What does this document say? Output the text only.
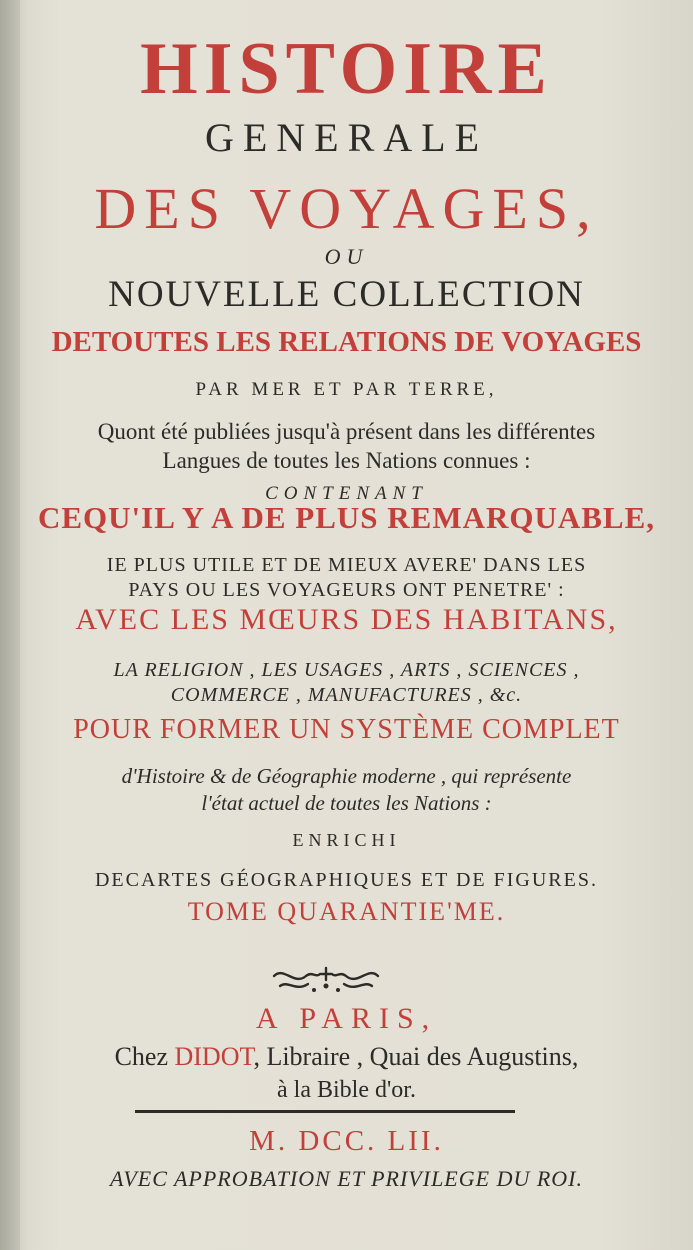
HISTOIRE

GENERALE

DES VOYAGES,

OU

NOUVELLE COLLECTION

DETOUTES LES RELATIONS DE VOYAGES

PAR MER ET PAR TERRE,

Quont été publiées jusqu'à présent dans les différentes

Langues de toutes les Nations connues :

CONTENANT

CEQU'IL Y A DE PLUS REMARQUABLE,

IE PLUS UTILE ET DE MIEUX AVERE' DANS LES

PAYS OU LES VOYAGEURS ONT PENETRE' :

AVEC LES MŒURS DES HABITANS,

LA RELIGION , LES USAGES , ARTS , SCIENCES ,

COMMERCE , MANUFACTURES , &c.

POUR FORMER UN SYSTÈME COMPLET

d'Histoire & de Géographie moderne , qui représente

l'état actuel de toutes les Nations :

ENRICHI

DECARTES GÉOGRAPHIQUES ET DE FIGURES.

TOME QUARANTIE'ME.

A PARIS,

Chez DIDOT, Libraire , Quai des Augustins,

à la Bible d'or.

M. DCC. LII.

AVEC APPROBATION ET PRIVILEGE DU ROI.
